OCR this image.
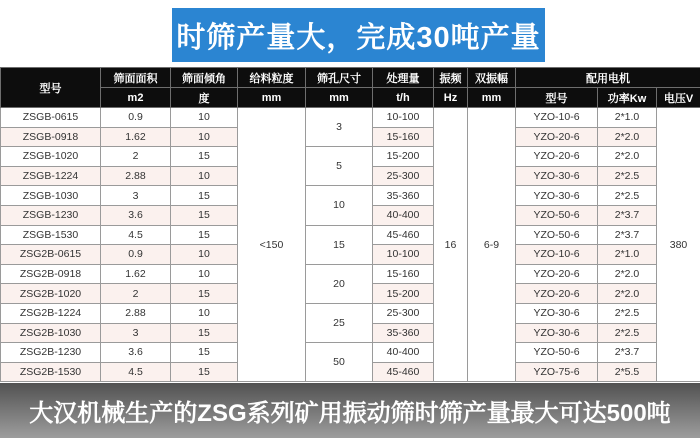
时筛产量大，完成30吨产量
型号	筛面面积	筛面倾角	给料粒度	筛孔尺寸	处理量	振频	双振幅	配用电机		
	m2	度	mm	mm	t/h	Hz	mm	型号	功率Kw	电压V
ZSGB-0615	0.9	10	<150	3	10-100	16	6-9	YZO-10-6	2*1.0	380
ZSGB-0918	1.62	10			15-160			YZO-20-6	2*2.0	
ZSGB-1020	2	15		5	15-200			YZO-20-6	2*2.0	
ZSGB-1224	2.88	10			25-300			YZO-30-6	2*2.5	
ZSGB-1030	3	15		10	35-360			YZO-30-6	2*2.5	
ZSGB-1230	3.6	15			40-400			YZO-50-6	2*3.7	
ZSGB-1530	4.5	15		15	45-460			YZO-50-6	2*3.7	
ZSG2B-0615	0.9	10			10-100			YZO-10-6	2*1.0	
ZSG2B-0918	1.62	10		20	15-160			YZO-20-6	2*2.0	
ZSG2B-1020	2	15			15-200			YZO-20-6	2*2.0	
ZSG2B-1224	2.88	10		25	25-300			YZO-30-6	2*2.5	
ZSG2B-1030	3	15			35-360			YZO-30-6	2*2.5	
ZSG2B-1230	3.6	15		50	40-400			YZO-50-6	2*3.7	
ZSG2B-1530	4.5	15			45-460			YZO-75-6	2*5.5	
大汉机械生产的ZSG系列矿用振动筛时筛产量最大可达500吨
